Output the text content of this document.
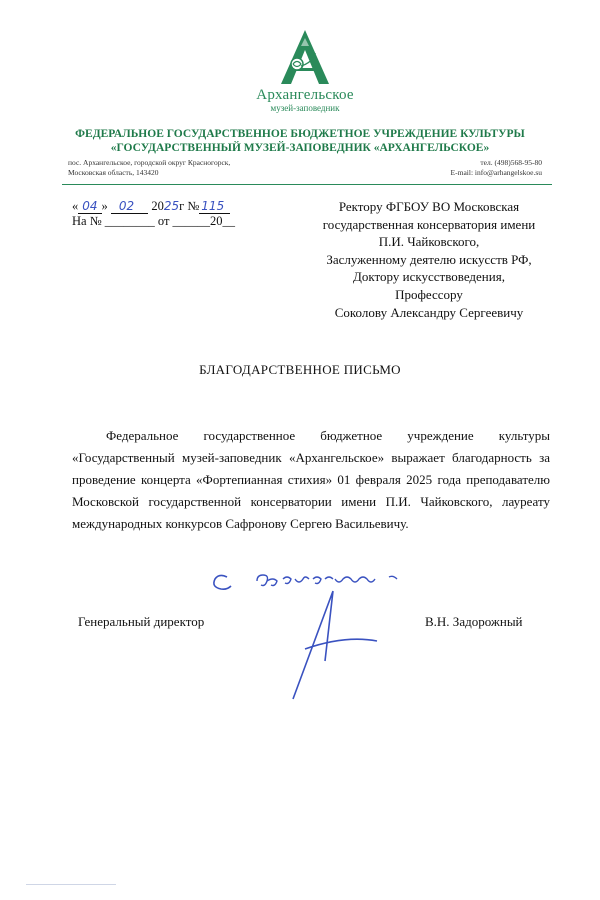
Архангельское
музей-заповедник
ФЕДЕРАЛЬНОЕ ГОСУДАРСТВЕННОЕ БЮДЖЕТНОЕ УЧРЕЖДЕНИЕ КУЛЬТУРЫ
«ГОСУДАРСТВЕННЫЙ МУЗЕЙ-ЗАПОВЕДНИК «АРХАНГЕЛЬСКОЕ»
пос. Архангельское, городской округ Красногорск,
Московская область, 143420
тел. (498)568-95-80
E-mail: info@arhangelskoe.su
« 04 » 02 2025г № 115
На № ________ от ______20__
Ректору ФГБОУ ВО Московская
государственная консерватория имени
П.И. Чайковского,
Заслуженному деятелю искусств РФ,
Доктору искусствоведения,
Профессору
Соколову Александру Сергеевичу
БЛАГОДАРСТВЕННОЕ ПИСЬМО
Федеральное государственное бюджетное учреждение культуры «Государственный музей-заповедник «Архангельское» выражает благодарность за проведение концерта «Фортепианная стихия» 01 февраля 2025 года преподавателю Московской государственной консерватории имени П.И. Чайковского, лауреату международных конкурсов Сафронову Сергею Васильевичу.
Генеральный директор	В.Н. Задорожный
